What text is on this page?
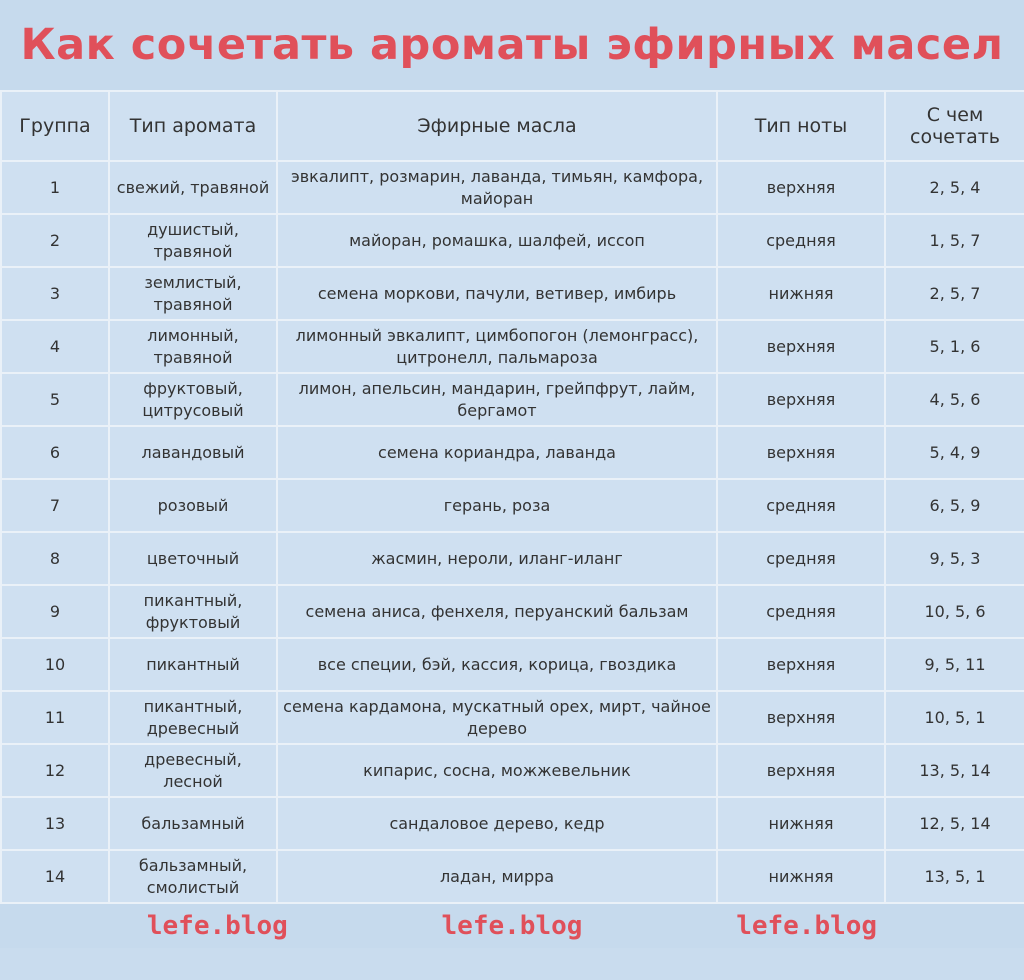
Как сочетать ароматы эфирных масел
Группа	Тип аромата	Эфирные масла	Тип ноты	С чем сочетать
1	свежий, травяной	эвкалипт, розмарин, лаванда, тимьян, камфора, майоран	верхняя	2, 5, 4
2	душистый, травяной	майоран, ромашка, шалфей, иссоп	средняя	1, 5, 7
3	землистый, травяной	семена моркови, пачули, ветивер, имбирь	нижняя	2, 5, 7
4	лимонный, травяной	лимонный эвкалипт, цимбопогон (лемонграсс), цитронелл, пальмароза	верхняя	5, 1, 6
5	фруктовый, цитрусовый	лимон, апельсин, мандарин, грейпфрут, лайм, бергамот	верхняя	4, 5, 6
6	лавандовый	семена кориандра, лаванда	верхняя	5, 4, 9
7	розовый	герань, роза	средняя	6, 5, 9
8	цветочный	жасмин, нероли, иланг-иланг	средняя	9, 5, 3
9	пикантный, фруктовый	семена аниса, фенхеля, перуанский бальзам	средняя	10, 5, 6
10	пикантный	все специи, бэй, кассия, корица, гвоздика	верхняя	9, 5, 11
11	пикантный, древесный	семена кардамона, мускатный орех, мирт, чайное дерево	верхняя	10, 5, 1
12	древесный, лесной	кипарис, сосна, можжевельник	верхняя	13, 5, 14
13	бальзамный	сандаловое дерево, кедр	нижняя	12, 5, 14
14	бальзамный, смолистый	ладан, мирра	нижняя	13, 5, 1
lefe.blog	lefe.blog	lefe.blog
